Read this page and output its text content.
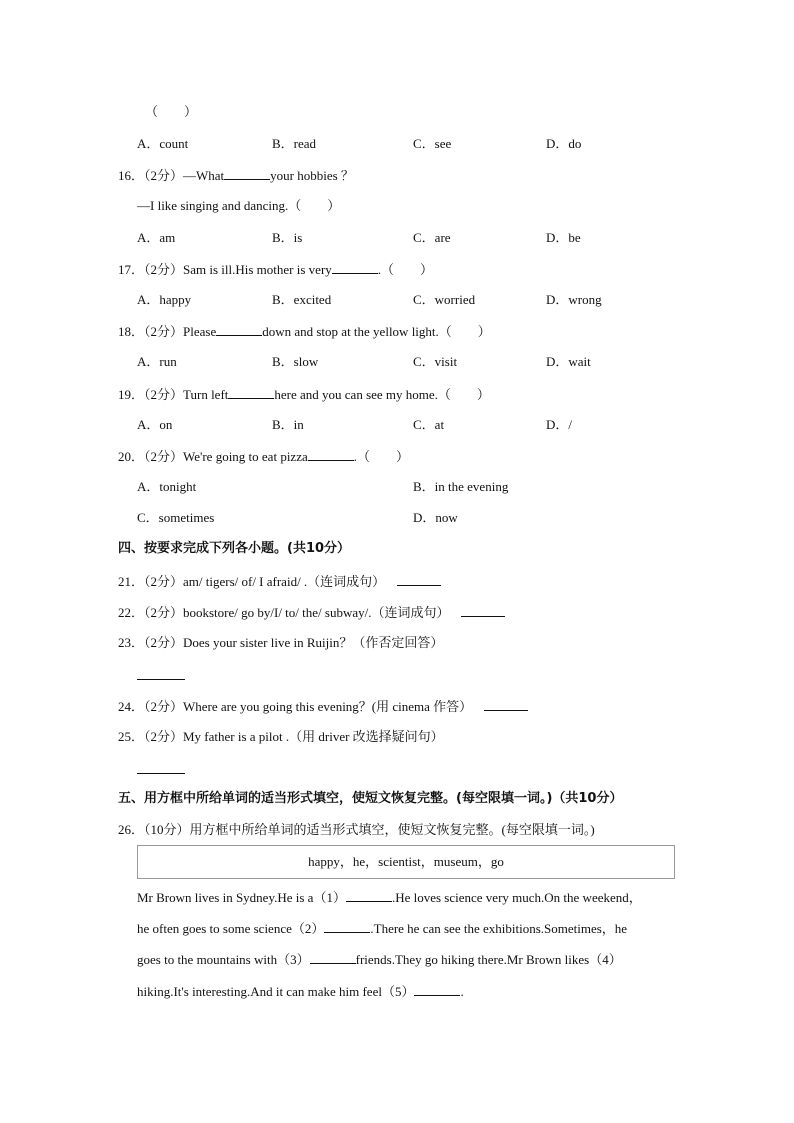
（　　）
A．count	B．read	C．see	D．do
16．（2分）—What	your hobbies ？
—I like singing and dancing.（　　）
A．am	B．is	C．are	D．be
17．（2分）Sam is ill.His mother is very	.（　　）
A．happy	B．excited	C．worried	D．wrong
18．（2分）Please	down and stop at the yellow light.（　　）
A．run	B．slow	C．visit	D．wait
19．（2分）Turn left	here and you can see my home.（　　）
A．on	B．in	C．at	D．/
20．（2分）We're going to eat pizza	.（　　）
A．tonight	B．in the evening
C．sometimes	D．now
四、按要求完成下列各小题。(共10分）
21．（2分）am/ tigers/ of/ I afraid/ .（连词成句）
22．（2分）bookstore/ go by/I/ to/ the/ subway/.（连词成句）
23．（2分）Does your sister live in Ruijin？（作否定回答）
24．（2分）Where are you going this evening？(用 cinema 作答）
25．（2分）My father is a pilot .（用 driver 改选择疑问句）
五、用方框中所给单词的适当形式填空，使短文恢复完整。(每空限填一词。)（共10分）
26．（10分）用方框中所给单词的适当形式填空，使短文恢复完整。(每空限填一词。)
happy，he，scientist，museum，go
Mr Brown lives in Sydney.He is a（1）	.He loves science very much.On the weekend，
he often goes to some science（2）	.There he can see the exhibitions.Sometimes，he
goes to the mountains with（3）	friends.They go hiking there.Mr Brown likes（4）
hiking.It's interesting.And it can make him feel（5）	.
